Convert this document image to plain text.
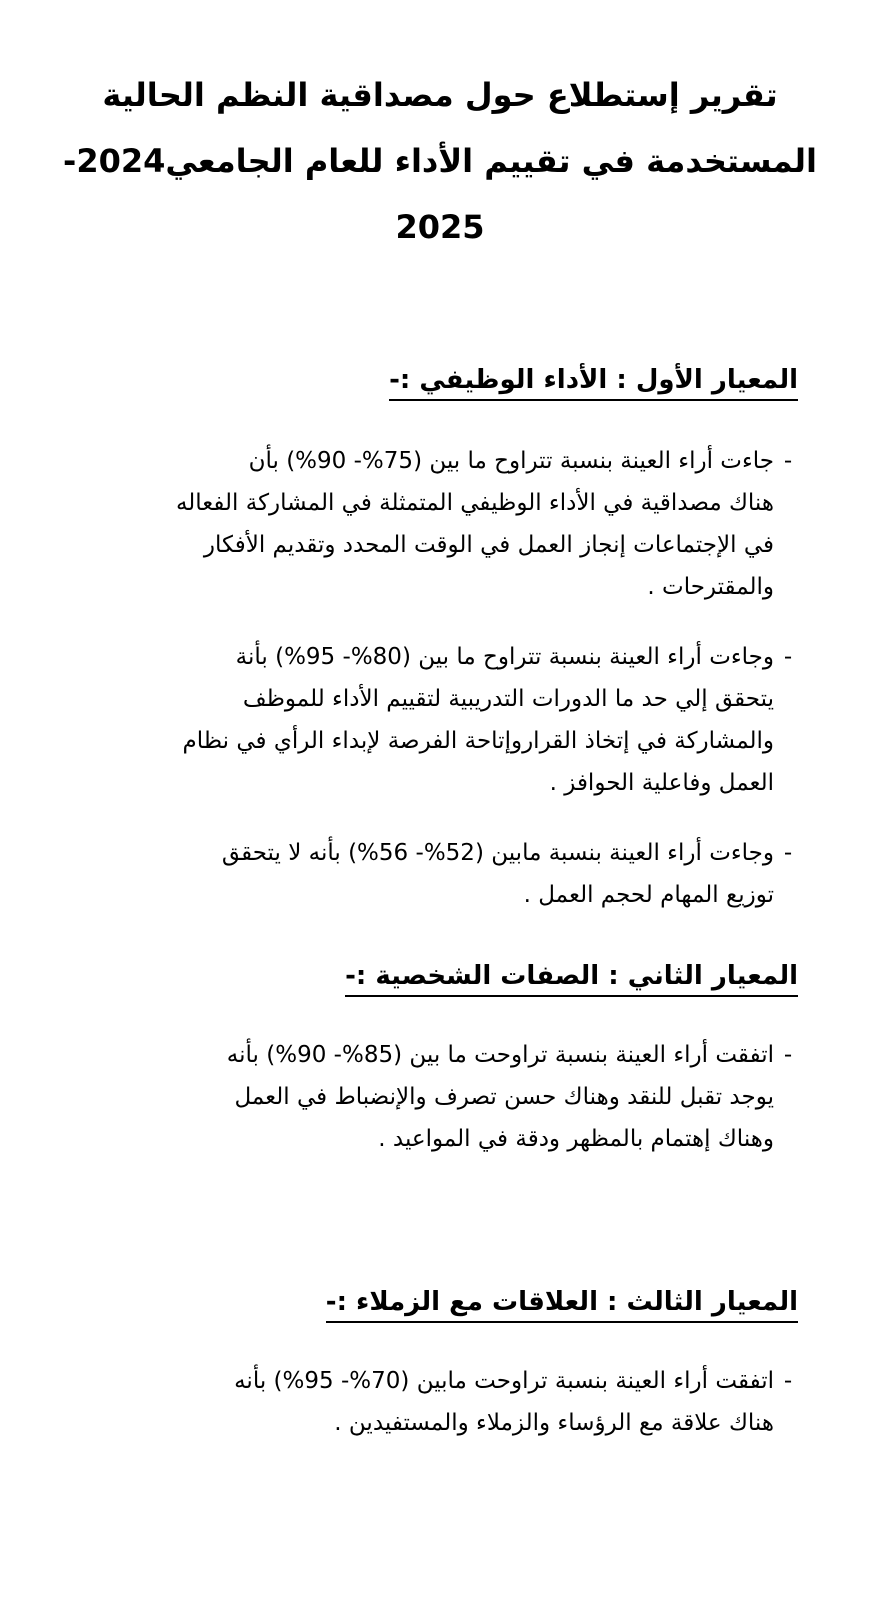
تقرير إستطلاع حول مصداقية النظم الحالية
المستخدمة في تقييم الأداء للعام الجامعي2024-
2025
المعيار الأول : الأداء الوظيفي :-
-جاءت أراء العينة بنسبة تتراوح ما بين (75%- 90%) بأن
هناك مصداقية في الأداء الوظيفي المتمثلة في المشاركة الفعاله
في الإجتماعات إنجاز العمل في الوقت المحدد وتقديم الأفكار
والمقترحات .
-وجاءت أراء العينة بنسبة تتراوح ما بين (80%- 95%) بأنة
يتحقق إلي حد ما الدورات التدريبية لتقييم الأداء للموظف
والمشاركة في إتخاذ القراروإتاحة الفرصة لإبداء الرأي في نظام
العمل وفاعلية الحوافز .
-وجاءت أراء العينة بنسبة مابين (52%- 56%) بأنه لا يتحقق
توزيع المهام لحجم العمل .
المعيار الثاني : الصفات الشخصية :-
-اتفقت أراء العينة بنسبة تراوحت ما بين (85%- 90%) بأنه
يوجد تقبل للنقد وهناك حسن تصرف والإنضباط في العمل
وهناك إهتمام بالمظهر ودقة في المواعيد .
المعيار الثالث : العلاقات مع الزملاء :-
-اتفقت أراء العينة بنسبة تراوحت مابين (70%- 95%) بأنه
هناك علاقة مع الرؤساء والزملاء والمستفيدين .
